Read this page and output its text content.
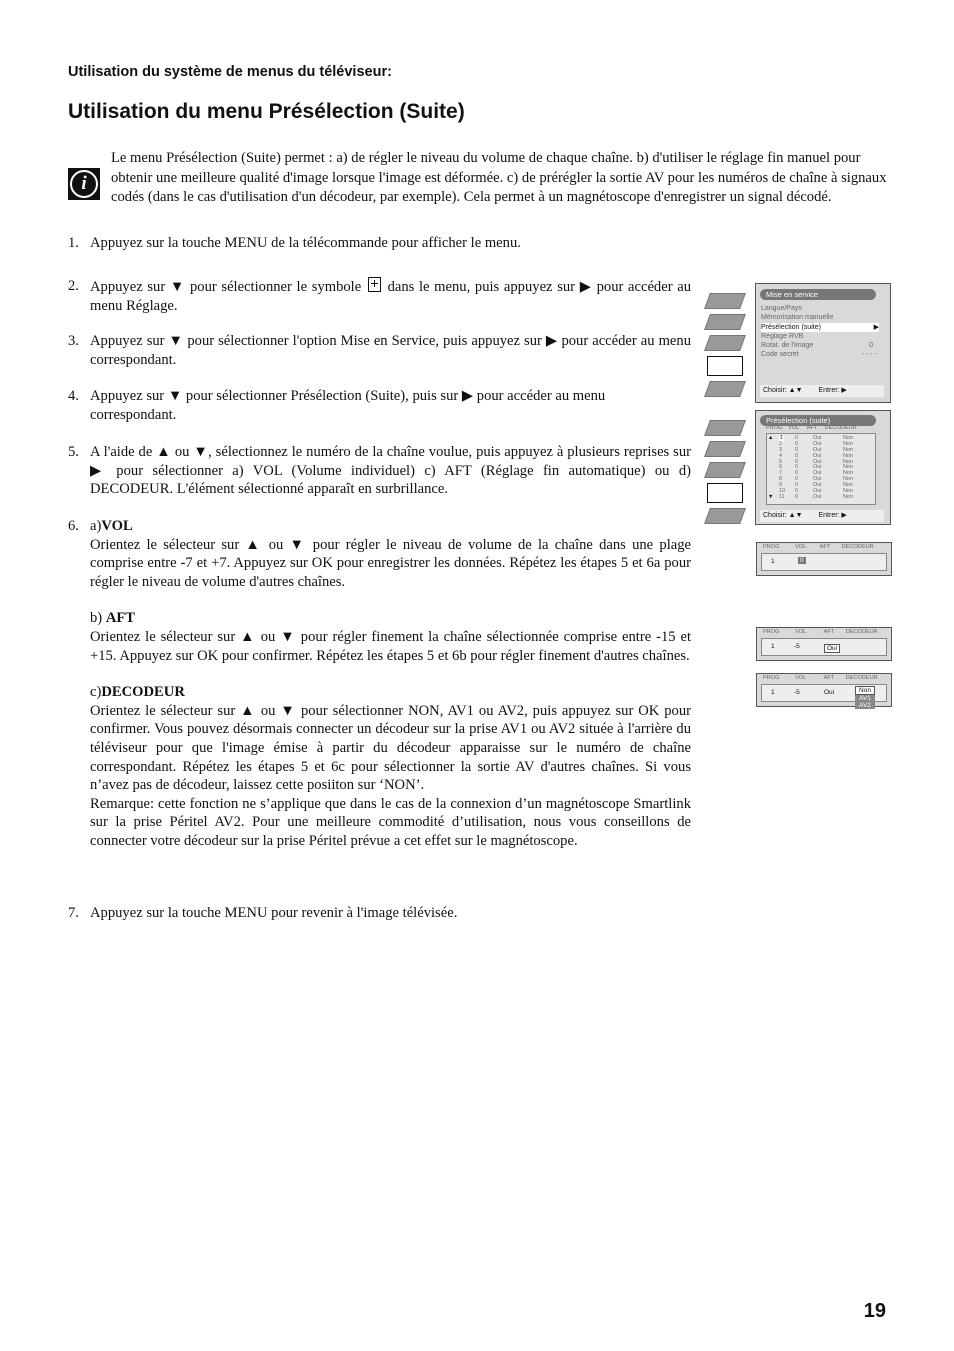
Utilisation du système de menus du téléviseur:
Utilisation du menu Présélection (Suite)
i
Le menu Présélection (Suite) permet : a) de régler le niveau du volume de chaque chaîne. b) d'utiliser le réglage fin manuel pour obtenir une meilleure qualité d'image lorsque l'image est déformée. c) de prérégler la sortie AV pour les numéros de chaîne à signaux codés (dans le cas d'utilisation d'un décodeur, par exemple). Cela permet à un magnétoscope d'enregistrer un signal décodé.
1. Appuyez sur la touche MENU de la télécommande pour afficher le menu.
2. Appuyez sur ▼ pour sélectionner le symbole dans le menu, puis appuyez sur ▶ pour accéder au menu Réglage.
3. Appuyez sur ▼ pour sélectionner l'option Mise en Service, puis appuyez sur ▶ pour accéder au menu correspondant.
4. Appuyez sur ▼ pour sélectionner Présélection (Suite), puis sur ▶ pour accéder au menu correspondant.
5. A l'aide de ▲ ou ▼, sélectionnez le numéro de la chaîne voulue, puis appuyez à plusieurs reprises sur ▶ pour sélectionner a) VOL (Volume individuel) c) AFT (Réglage fin automatique) ou d) DECODEUR. L'élément sélectionné apparaît en surbrillance.
6. a)VOL
Orientez le sélecteur sur ▲ ou ▼ pour régler le niveau de volume de la chaîne dans une plage comprise entre -7 et +7. Appuyez sur OK pour enregistrer les données. Répétez les étapes 5 et 6a pour régler le niveau de volume d'autres chaînes.
b) AFT
Orientez le sélecteur sur ▲ ou ▼ pour régler finement la chaîne sélectionnée comprise entre -15 et +15. Appuyez sur OK pour confirmer. Répétez les étapes 5 et 6b pour régler finement d'autres chaînes.
c)DECODEUR
Orientez le sélecteur sur ▲ ou ▼ pour sélectionner NON, AV1 ou AV2, puis appuyez sur OK pour confirmer. Vous pouvez désormais connecter un décodeur sur la prise AV1 ou AV2 située à l'arrière du téléviseur pour que l'image émise à partir du décodeur apparaisse sur le numéro de chaîne correspondant. Répétez les étapes 5 et 6c pour sélectionner la sortie AV d'autres chaînes. Si vous n’avez pas de décodeur, laissez cette posiiton sur ‘NON’.
Remarque: cette fonction ne s’applique que dans le cas de la connexion d’un magnétoscope Smartlink sur la prise Péritel AV2. Pour une meilleure commodité d’utilisation, nous vous conseillons de connecter votre décodeur sur la prise Péritel prévue a cet effet sur le magnétoscope.
7. Appuyez sur la touche MENU pour revenir à l'image télévisée.
Mise en service
Langue/Pays
Mémorisation manuelle
Présélection (suite)	▶
Réglage RVB
Rotat. de l'image	0
Code secret	- - - -
Choisir: ▲▼ Entrer: ▶
Présélection (suite)
PROG VOL AFT DECODEUR
1 0	Oui	Non
▲
2 0	Oui	Non
3 0	Oui	Non
4 0	Oui	Non
5 0	Oui	Non
6 0	Oui	Non
7 0	Oui	Non
8 0	Oui	Non
9 0	Oui	Non
10 0	Oui	Non
11 0	Oui	Non
▼
Choisir: ▲▼ Entrer: ▶
PROG	VOL AFT DECODEUR
1	0
PROG	VOL	AFT DECODEUR
1	-5	Oui
PROG	VOL	AFT DECODEUR
1	-5	Oui	Non
AV1
AV2
19
